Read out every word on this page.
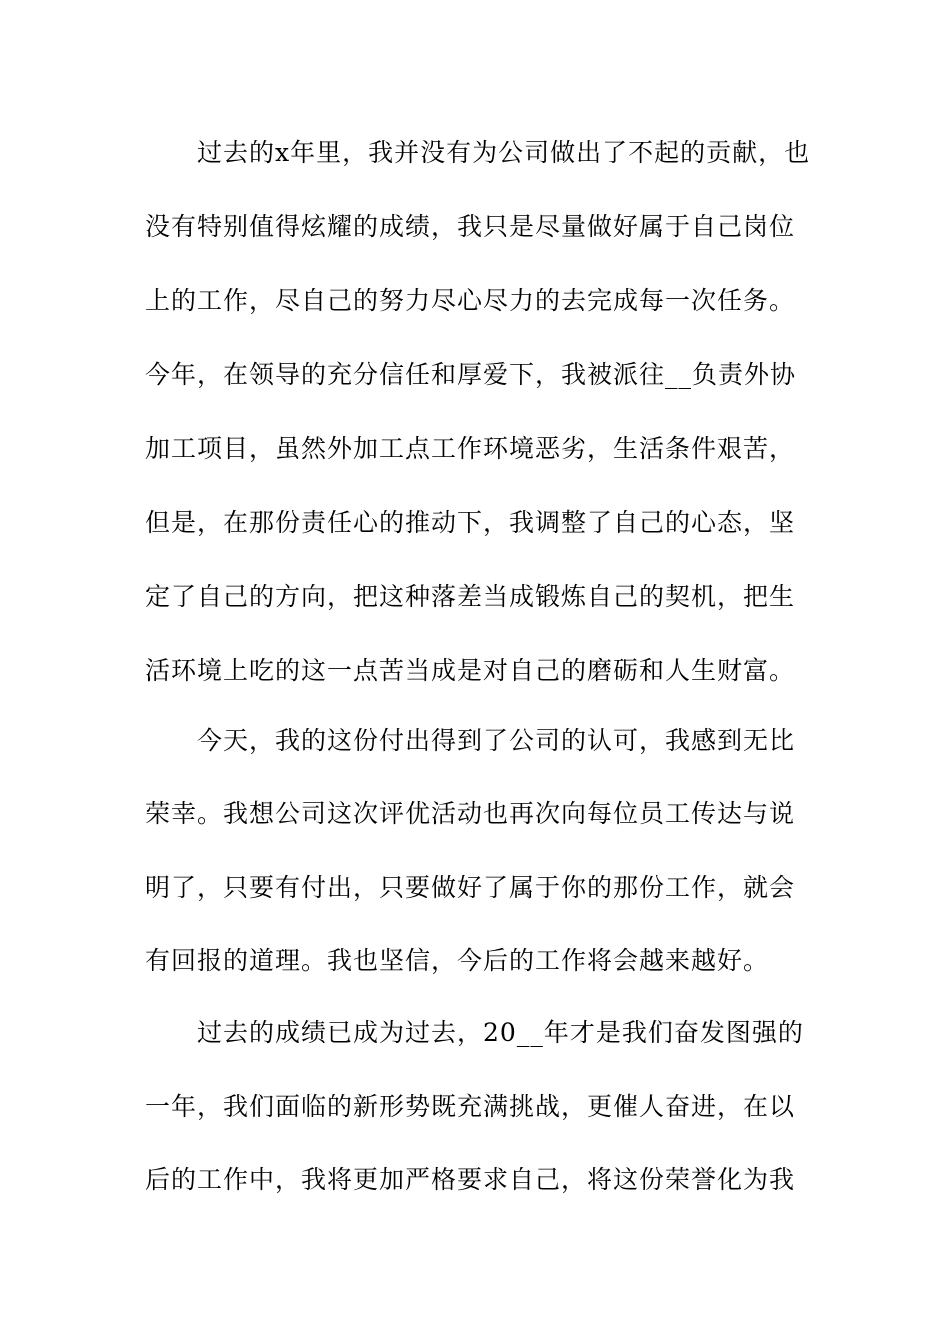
过去的x年里，我并没有为公司做出了不起的贡献，也
没有特别值得炫耀的成绩，我只是尽量做好属于自己岗位
上的工作，尽自己的努力尽心尽力的去完成每一次任务。
今年，在领导的充分信任和厚爱下，我被派往__负责外协
加工项目，虽然外加工点工作环境恶劣，生活条件艰苦，
但是，在那份责任心的推动下，我调整了自己的心态，坚
定了自己的方向，把这种落差当成锻炼自己的契机，把生
活环境上吃的这一点苦当成是对自己的磨砺和人生财富。
今天，我的这份付出得到了公司的认可，我感到无比
荣幸。我想公司这次评优活动也再次向每位员工传达与说
明了，只要有付出，只要做好了属于你的那份工作，就会
有回报的道理。我也坚信，今后的工作将会越来越好。
过去的成绩已成为过去，20__年才是我们奋发图强的
一年，我们面临的新形势既充满挑战，更催人奋进，在以
后的工作中，我将更加严格要求自己，将这份荣誉化为我
